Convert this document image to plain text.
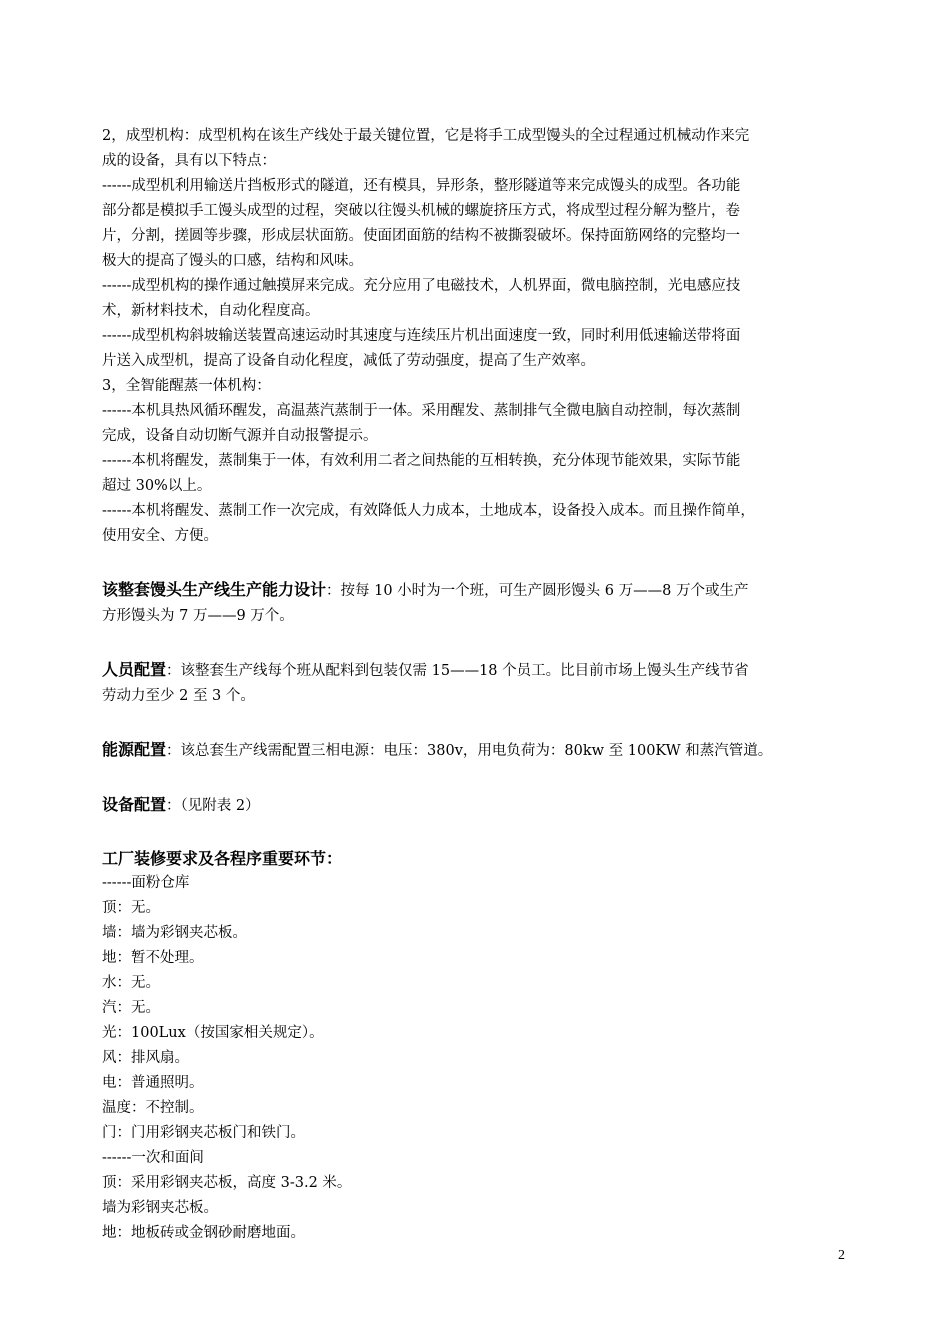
2，成型机构：成型机构在该生产线处于最关键位置，它是将手工成型馒头的全过程通过机械动作来完
成的设备，具有以下特点：
------成型机利用输送片挡板形式的隧道，还有模具，异形条，整形隧道等来完成馒头的成型。各功能
部分都是模拟手工馒头成型的过程，突破以往馒头机械的螺旋挤压方式，将成型过程分解为整片，卷
片，分割，搓圆等步骤，形成层状面筋。使面团面筋的结构不被撕裂破坏。保持面筋网络的完整均一
极大的提高了馒头的口感，结构和风味。
------成型机构的操作通过触摸屏来完成。充分应用了电磁技术，人机界面，微电脑控制，光电感应技
术，新材料技术，自动化程度高。
------成型机构斜坡输送装置高速运动时其速度与连续压片机出面速度一致，同时利用低速输送带将面
片送入成型机，提高了设备自动化程度，减低了劳动强度，提高了生产效率。
3，全智能醒蒸一体机构：
------本机具热风循环醒发，高温蒸汽蒸制于一体。采用醒发、蒸制排气全微电脑自动控制，每次蒸制
完成，设备自动切断气源并自动报警提示。
------本机将醒发，蒸制集于一体，有效利用二者之间热能的互相转换，充分体现节能效果，实际节能
超过 30%以上。
------本机将醒发、蒸制工作一次完成，有效降低人力成本，土地成本，设备投入成本。而且操作简单，
使用安全、方便。
该整套馒头生产线生产能力设计：按每 10 小时为一个班，可生产圆形馒头 6 万——8 万个或生产
方形馒头为 7 万——9 万个。
人员配置：该整套生产线每个班从配料到包装仅需 15——18 个员工。比目前市场上馒头生产线节省
劳动力至少 2 至 3 个。
能源配置：该总套生产线需配置三相电源：电压：380v，用电负荷为：80kw 至 100KW 和蒸汽管道。
设备配置：（见附表 2）
工厂装修要求及各程序重要环节：
------面粉仓库
顶：无。
墙：墙为彩钢夹芯板。
地：暂不处理。
水：无。
汽：无。
光：100Lux（按国家相关规定）。
风：排风扇。
电：普通照明。
温度：不控制。
门：门用彩钢夹芯板门和铁门。
------一次和面间
顶：采用彩钢夹芯板，高度 3-3.2 米。
墙为彩钢夹芯板。
地：地板砖或金钢砂耐磨地面。
2
